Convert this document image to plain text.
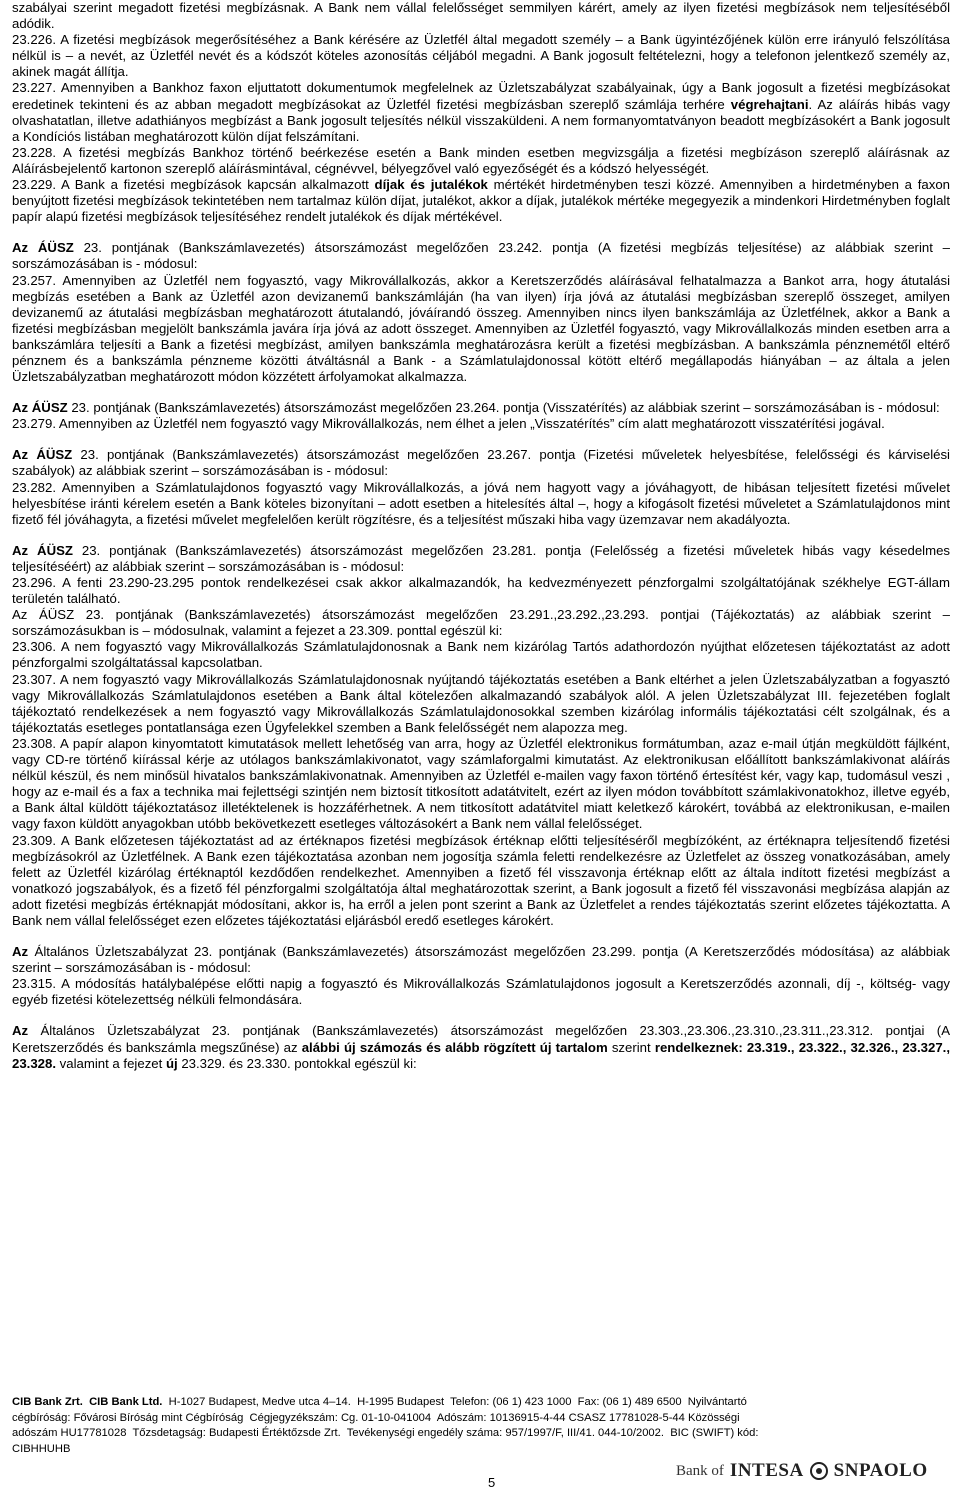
szabályai szerint megadott fizetési megbízásnak. A Bank nem vállal felelősséget semmilyen kárért, amely az ilyen fizetési megbízások nem teljesítéséből adódik.

23.226. A fizetési megbízások megerősítéséhez a Bank kérésére az Üzletfél által megadott személy – a Bank ügyintézőjének külön erre irányuló felszólítása nélkül is – a nevét, az Üzletfél nevét és a kódszót köteles azonosítás céljából megadni. A Bank jogosult feltételezni, hogy a telefonon jelentkező személy az, akinek magát állítja.

23.227. Amennyiben a Bankhoz faxon eljuttatott dokumentumok megfelelnek az Üzletszabályzat szabályainak, úgy a Bank jogosult a fizetési megbízásokat eredetinek tekinteni és az abban megadott megbízásokat az Üzletfél fizetési megbízásban szereplő számlája terhére végrehajtani. Az aláírás hibás vagy olvashatatlan, illetve adathiányos megbízást a Bank jogosult teljesítés nélkül visszaküldeni. A nem formanyomtatványon beadott megbízásokért a Bank jogosult a Kondíciós listában meghatározott külön díjat felszámítani.

23.228. A fizetési megbízás Bankhoz történő beérkezése esetén a Bank minden esetben megvizsgálja a fizetési megbízáson szereplő aláírásnak az Aláírásbejelentő kartonon szereplő aláírásmintával, cégnévvel, bélyegzővel való egyezőségét és a kódszó helyességét.

23.229. A Bank a fizetési megbízások kapcsán alkalmazott díjak és jutalékok mértékét hirdetményben teszi közzé. Amennyiben a hirdetményben a faxon benyújtott fizetési megbízások tekintetében nem tartalmaz külön díjat, jutalékot, akkor a díjak, jutalékok mértéke megegyezik a mindenkori Hirdetményben foglalt papír alapú fizetési megbízások teljesítéséhez rendelt jutalékok és díjak mértékével.

Az ÁÜSZ 23. pontjának (Bankszámlavezetés) átsorszámozást megelőzően 23.242. pontja (A fizetési megbízás teljesítése) az alábbiak szerint – sorszámozásában is - módosul:

23.257. Amennyiben az Üzletfél nem fogyasztó, vagy Mikrovállalkozás, akkor a Keretszerződés aláírásával felhatalmazza a Bankot arra, hogy átutalási megbízás esetében a Bank az Üzletfél azon devizanemű bankszámláján (ha van ilyen) írja jóvá az átutalási megbízásban szereplő összeget, amilyen devizanemű az átutalási megbízásban meghatározott átutalandó, jóváírandó összeg. Amennyiben nincs ilyen bankszámlája az Üzletfélnek, akkor a Bank a fizetési megbízásban megjelölt bankszámla javára írja jóvá az adott összeget. Amennyiben az Üzletfél fogyasztó, vagy Mikrovállalkozás minden esetben arra a bankszámlára teljesíti a Bank a fizetési megbízást, amilyen bankszámla meghatározásra került a fizetési megbízásban. A bankszámla pénznemétől eltérő pénznem és a bankszámla pénzneme közötti átváltásnál a Bank - a Számlatulajdonossal kötött eltérő megállapodás hiányában – az általa a jelen Üzletszabályzatban meghatározott módon közzétett árfolyamokat alkalmazza.

Az ÁÜSZ 23. pontjának (Bankszámlavezetés) átsorszámozást megelőzően 23.264. pontja (Visszatérítés) az alábbiak szerint – sorszámozásában is - módosul:

23.279. Amennyiben az Üzletfél nem fogyasztó vagy Mikrovállalkozás, nem élhet a jelen „Visszatérítés” cím alatt meghatározott visszatérítési jogával.

Az ÁÜSZ 23. pontjának (Bankszámlavezetés) átsorszámozást megelőzően 23.267. pontja (Fizetési műveletek helyesbítése, felelősségi és kárviselési szabályok) az alábbiak szerint – sorszámozásában is - módosul:

23.282. Amennyiben a Számlatulajdonos fogyasztó vagy Mikrovállalkozás, a jóvá nem hagyott vagy a jóváhagyott, de hibásan teljesített fizetési művelet helyesbítése iránti kérelem esetén a Bank köteles bizonyítani – adott esetben a hitelesítés által –, hogy a kifogásolt fizetési műveletet a Számlatulajdonos mint fizető fél jóváhagyta, a fizetési művelet megfelelően került rögzítésre, és a teljesítést műszaki hiba vagy üzemzavar nem akadályozta.

Az ÁÜSZ 23. pontjának (Bankszámlavezetés) átsorszámozást megelőzően 23.281. pontja (Felelősség a fizetési műveletek hibás vagy késedelmes teljesítéséért) az alábbiak szerint – sorszámozásában is - módosul:

23.296. A fenti 23.290-23.295 pontok rendelkezései csak akkor alkalmazandók, ha kedvezményezett pénzforgalmi szolgáltatójának székhelye EGT-állam területén található.

Az ÁÜSZ 23. pontjának (Bankszámlavezetés) átsorszámozást megelőzően 23.291.,23.292.,23.293. pontjai (Tájékoztatás) az alábbiak szerint – sorszámozásukban is – módosulnak, valamint a fejezet a 23.309. ponttal egészül ki:

23.306. A nem fogyasztó vagy Mikrovállalkozás Számlatulajdonosnak a Bank nem kizárólag Tartós adathordozón nyújthat előzetesen tájékoztatást az adott pénzforgalmi szolgáltatással kapcsolatban.

23.307. A nem fogyasztó vagy Mikrovállalkozás Számlatulajdonosnak nyújtandó tájékoztatás esetében a Bank eltérhet a jelen Üzletszabályzatban a fogyasztó vagy Mikrovállalkozás Számlatulajdonos esetében a Bank által kötelezően alkalmazandó szabályok alól. A jelen Üzletszabályzat III. fejezetében foglalt tájékoztató rendelkezések a nem fogyasztó vagy Mikrovállalkozás Számlatulajdonosokkal szemben kizárólag informális tájékoztatási célt szolgálnak, és a tájékoztatás esetleges pontatlansága ezen Ügyfelekkel szemben a Bank felelősségét nem alapozza meg.

23.308. A papír alapon kinyomtatott kimutatások mellett lehetőség van arra, hogy az Üzletfél elektronikus formátumban, azaz e-mail útján megküldött fájlként, vagy CD-re történő kiírással kérje az utólagos bankszámlakivonatot, vagy számlaforgalmi kimutatást. Az elektronikusan előállított bankszámlakivonat aláírás nélkül készül, és nem minősül hivatalos bankszámlakivonatnak. Amennyiben az Üzletfél e-mailen vagy faxon történő értesítést kér, vagy kap, tudomásul veszi , hogy az e-mail és a fax a technika mai fejlettségi szintjén nem biztosít titkosított adatátvitelt, ezért az ilyen módon továbbított számlakivonatokhoz, illetve egyéb, a Bank által küldött tájékoztatásoz illetéktelenek is hozzáférhetnek. A nem titkosított adatátvitel miatt keletkező károkért, továbbá az elektronikusan, e-mailen vagy faxon küldött anyagokban utóbb bekövetkezett esetleges változásokért a Bank nem vállal felelősséget.

23.309. A Bank előzetesen tájékoztatást ad az értéknapos fizetési megbízások értéknap előtti teljesítéséről megbízóként, az értéknapra teljesítendő fizetési megbízásokról az Üzletfélnek. A Bank ezen tájékoztatása azonban nem jogosítja számla feletti rendelkezésre az Üzletfelet az összeg vonatkozásában, amely felett az Üzletfél kizárólag értéknaptól kezdődően rendelkezhet. Amennyiben a fizető fél visszavonja értéknap előtt az általa indított fizetési megbízást a vonatkozó jogszabályok, és a fizető fél pénzforgalmi szolgáltatója által meghatározottak szerint, a Bank jogosult a fizető fél visszavonási megbízása alapján az adott fizetési megbízás értéknapját módosítani, akkor is, ha erről a jelen pont szerint a Bank az Üzletfelet a rendes tájékoztatás szerint előzetes tájékoztatta. A Bank nem vállal felelősséget ezen előzetes tájékoztatási eljárásból eredő esetleges károkért.

Az Általános Üzletszabályzat 23. pontjának (Bankszámlavezetés) átsorszámozást megelőzően 23.299. pontja (A Keretszerződés módosítása) az alábbiak szerint – sorszámozásában is - módosul:

23.315. A módosítás hatálybalépése előtti napig a fogyasztó és Mikrovállalkozás Számlatulajdonos jogosult a Keretszerződés azonnali, díj -, költség- vagy egyéb fizetési kötelezettség nélküli felmondására.

Az Általános Üzletszabályzat 23. pontjának (Bankszámlavezetés) átsorszámozást megelőzően 23.303.,23.306.,23.310.,23.311.,23.312. pontjai (A Keretszerződés és bankszámla megszűnése) az alábbi új számozás és alább rögzített új tartalom szerint rendelkeznek: 23.319., 23.322., 32.326., 23.327., 23.328. valamint a fejezet új 23.329. és 23.330. pontokkal egészül ki:

CIB Bank Zrt.  CIB Bank Ltd.  H-1027 Budapest, Medve utca 4–14.  H-1995 Budapest  Telefon: (06 1) 423 1000  Fax: (06 1) 489 6500  Nyilvántartó
cégbíróság: Fővárosi Bíróság mint Cégbíróság  Cégjegyzékszám: Cg. 01-10-041004  Adószám: 10136915-4-44 CSASZ 17781028-5-44 Közösségi
adószám HU17781028  Tőzsdetagság: Budapesti Értéktőzsde Zrt.  Tevékenységi engedély száma: 957/1997/F, III/41. 044-10/2002.  BIC (SWIFT) kód:
CIBHHUHB
5
Bank of INTESA SNPAOLO
